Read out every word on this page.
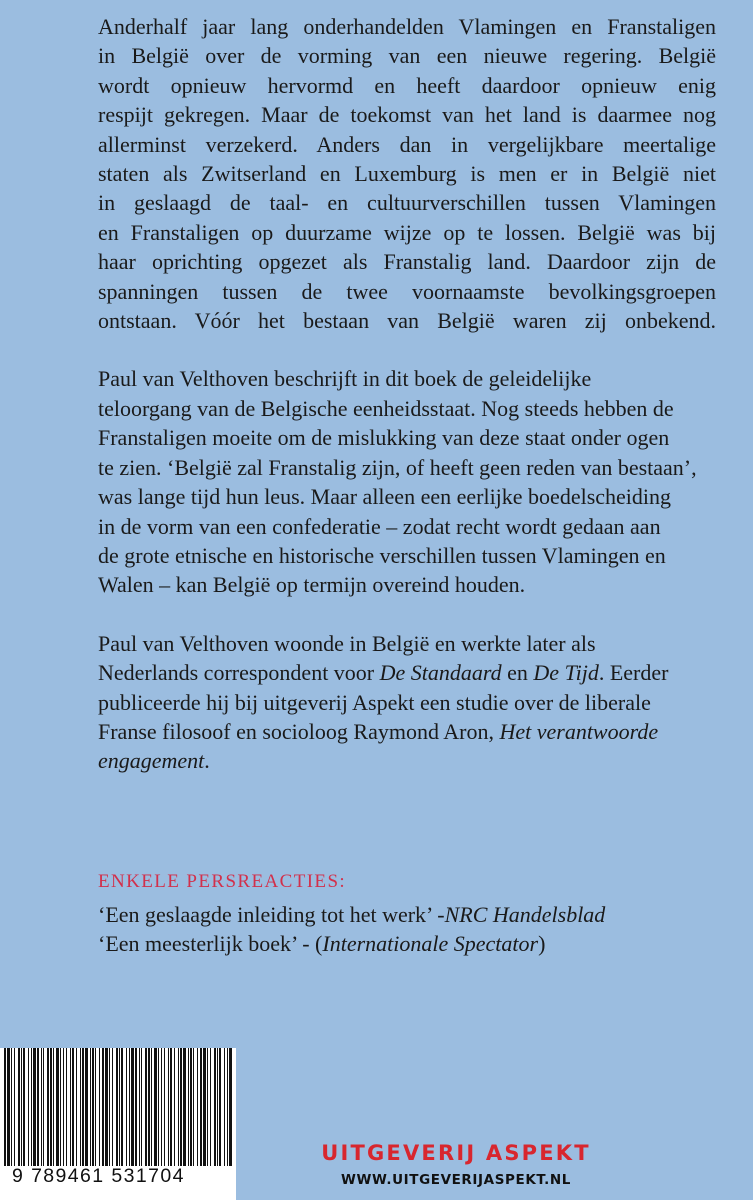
Anderhalf jaar lang onderhandelden Vlamingen en Franstaligen
in België over de vorming van een nieuwe regering. België
wordt opnieuw hervormd en heeft daardoor opnieuw enig
respijt gekregen. Maar de toekomst van het land is daarmee nog
allerminst verzekerd. Anders dan in vergelijkbare meertalige
staten als Zwitserland en Luxemburg is men er in België niet
in geslaagd de taal- en cultuurverschillen tussen Vlamingen
en Franstaligen op duurzame wijze op te lossen. België was bij
haar oprichting opgezet als Franstalig land. Daardoor zijn de
spanningen tussen de twee voornaamste bevolkingsgroepen
ontstaan. Vóór het bestaan van België waren zij onbekend.

Paul van Velthoven beschrijft in dit boek de geleidelijke
teloorgang van de Belgische eenheidsstaat. Nog steeds hebben de
Franstaligen moeite om de mislukking van deze staat onder ogen
te zien. ‘België zal Franstalig zijn, of heeft geen reden van bestaan’,
was lange tijd hun leus. Maar alleen een eerlijke boedelscheiding
in de vorm van een confederatie – zodat recht wordt gedaan aan
de grote etnische en historische verschillen tussen Vlamingen en
Walen – kan België op termijn overeind houden.

Paul van Velthoven woonde in België en werkte later als
Nederlands correspondent voor De Standaard en De Tijd. Eerder
publiceerde hij bij uitgeverij Aspekt een studie over de liberale
Franse filosoof en socioloog Raymond Aron, Het verantwoorde
engagement.

ENKELE PERSREACTIES:
‘Een geslaagde inleiding tot het werk’ -NRC Handelsblad
‘Een meesterlijk boek’ - (Internationale Spectator)
9 789461 531704
UITGEVERIJ ASPEKT
WWW.UITGEVERIJASPEKT.NL
